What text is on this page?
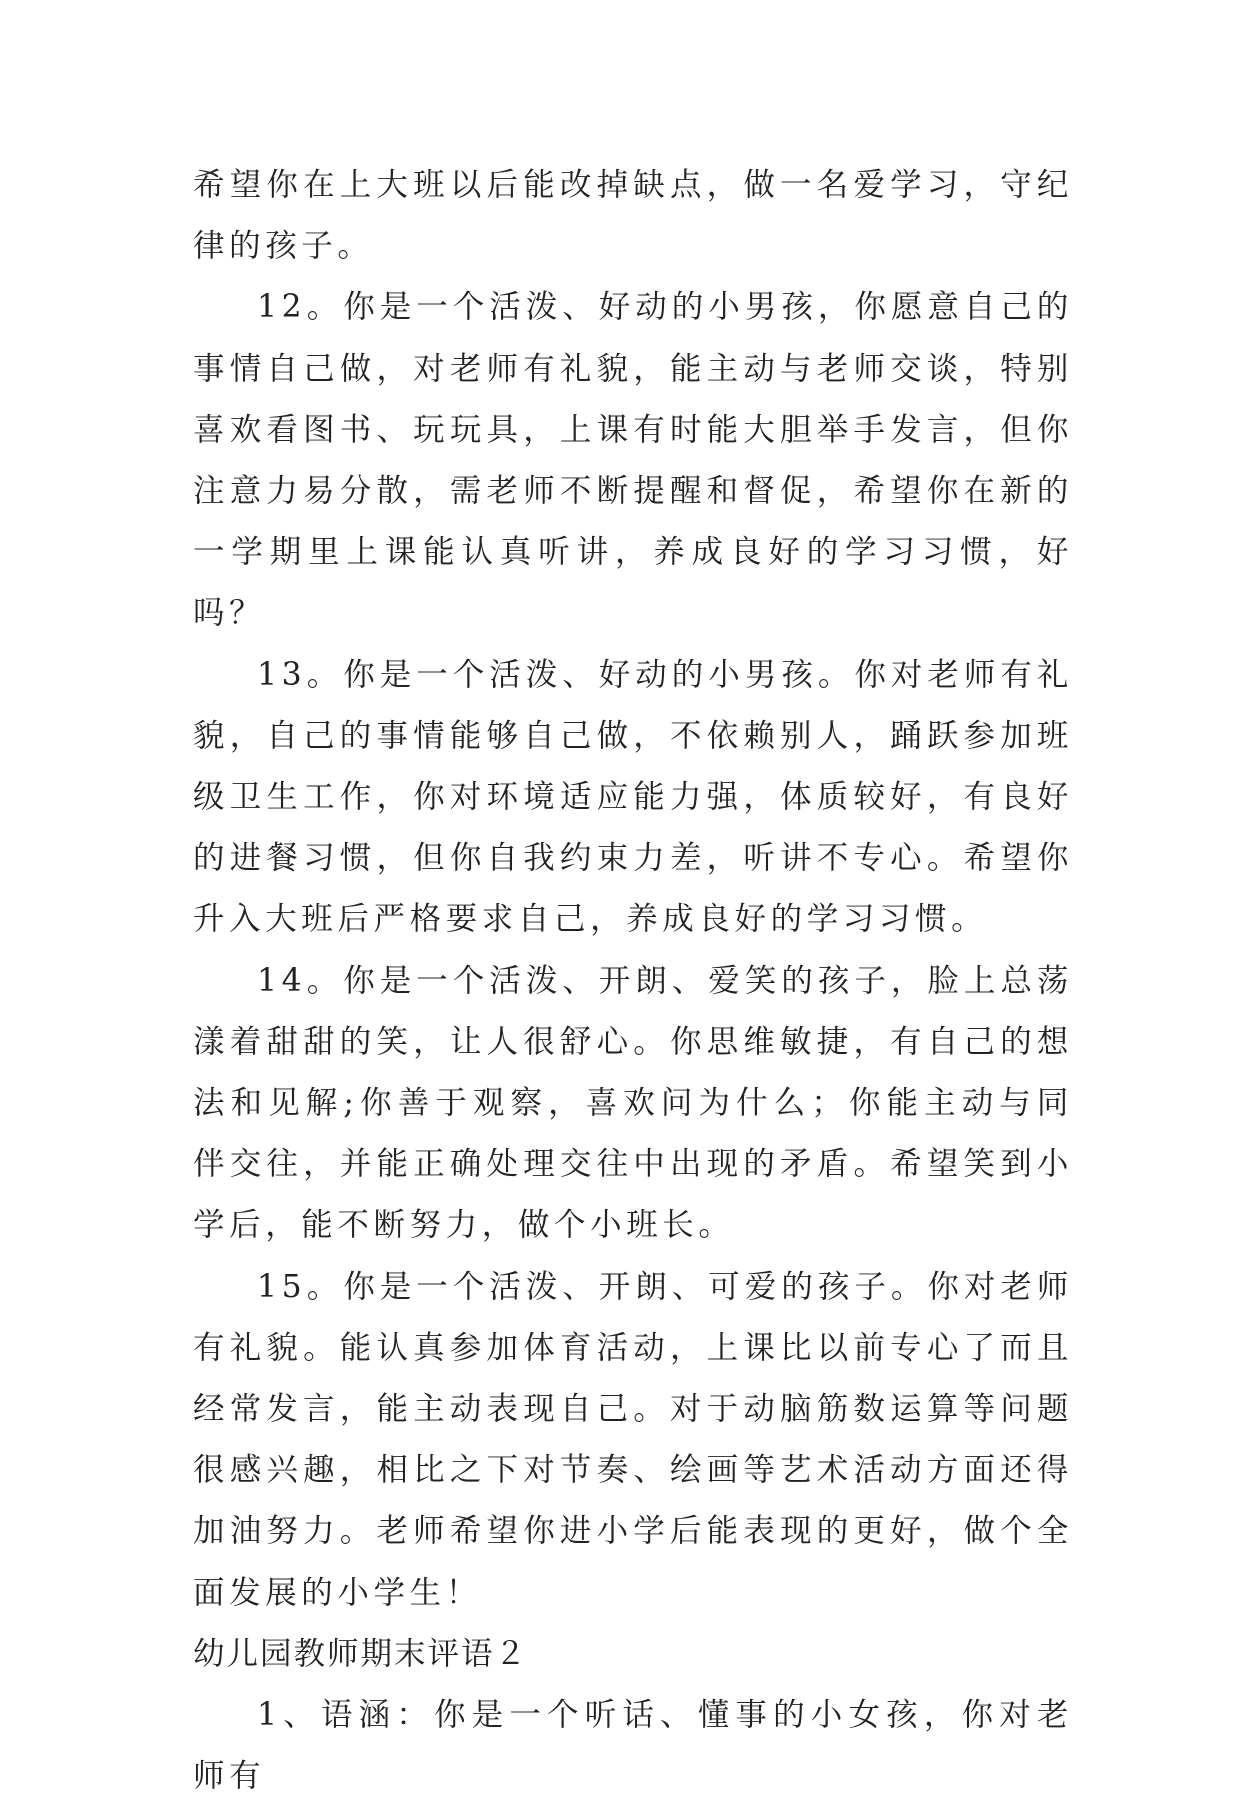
希望你在上大班以后能改掉缺点，做一名爱学习，守纪律的孩子。

12。你是一个活泼、好动的小男孩，你愿意自己的事情自己做，对老师有礼貌，能主动与老师交谈，特别喜欢看图书、玩玩具，上课有时能大胆举手发言，但你注意力易分散，需老师不断提醒和督促，希望你在新的一学期里上课能认真听讲，养成良好的学习习惯，好吗？

13。你是一个活泼、好动的小男孩。你对老师有礼貌，自己的事情能够自己做，不依赖别人，踊跃参加班级卫生工作，你对环境适应能力强，体质较好，有良好的进餐习惯，但你自我约束力差，听讲不专心。希望你升入大班后严格要求自己，养成良好的学习习惯。

14。你是一个活泼、开朗、爱笑的孩子，脸上总荡漾着甜甜的笑，让人很舒心。你思维敏捷，有自己的想法和见解;你善于观察，喜欢问为什么；你能主动与同伴交往，并能正确处理交往中出现的矛盾。希望笑到小学后，能不断努力，做个小班长。

15。你是一个活泼、开朗、可爱的孩子。你对老师有礼貌。能认真参加体育活动，上课比以前专心了而且经常发言，能主动表现自己。对于动脑筋数运算等问题很感兴趣，相比之下对节奏、绘画等艺术活动方面还得加油努力。老师希望你进小学后能表现的更好，做个全面发展的小学生！

幼儿园教师期末评语２

1、语涵：你是一个听话、懂事的小女孩，你对老师有
